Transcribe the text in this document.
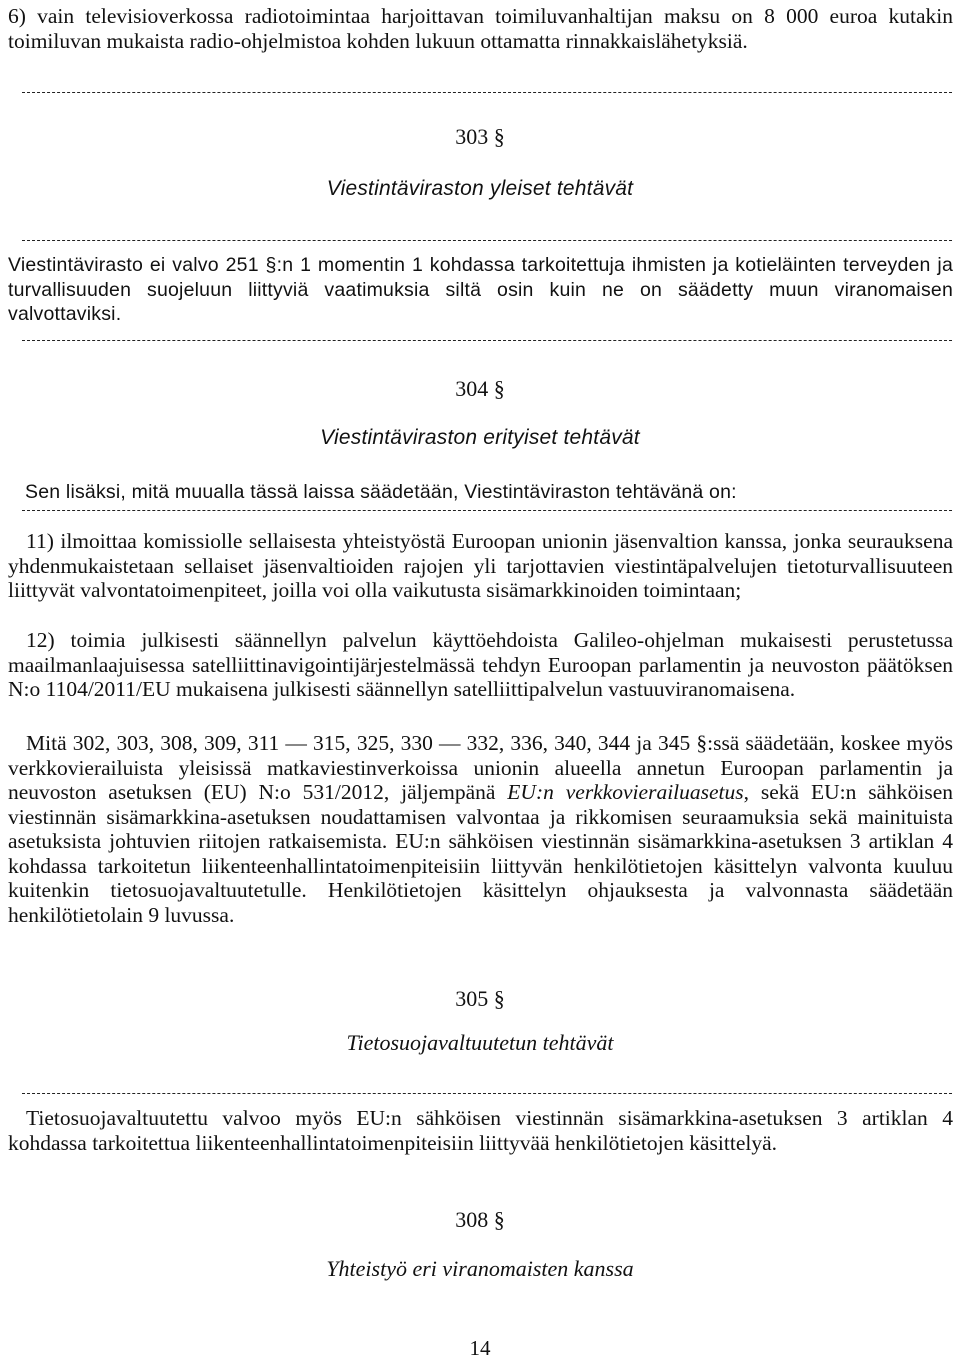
6) vain televisioverkossa radiotoimintaa harjoittavan toimiluvanhaltijan maksu on 8 000 euroa kutakin toimiluvan mukaista radio-ohjelmistoa kohden lukuun ottamatta rinnakkaislähetyksiä.

303 §
Viestintäviraston yleiset tehtävät

Viestintävirasto ei valvo 251 §:n 1 momentin 1 kohdassa tarkoitettuja ihmisten ja kotieläinten terveyden ja turvallisuuden suojeluun liittyviä vaatimuksia siltä osin kuin ne on säädetty muun viranomaisen valvottaviksi.

304 §
Viestintäviraston erityiset tehtävät

Sen lisäksi, mitä muualla tässä laissa säädetään, Viestintäviraston tehtävänä on:

11) ilmoittaa komissiolle sellaisesta yhteistyöstä Euroopan unionin jäsenvaltion kanssa, jonka seurauksena yhdenmukaistetaan sellaiset jäsenvaltioiden rajojen yli tarjottavien viestintäpalvelujen tietoturvallisuuteen liittyvät valvontatoimenpiteet, joilla voi olla vaikutusta sisämarkkinoiden toimintaan;

12) toimia julkisesti säännellyn palvelun käyttöehdoista Galileo-ohjelman mukaisesti perustetussa maailmanlaajuisessa satelliittinavigointijärjestelmässä tehdyn Euroopan parlamentin ja neuvoston päätöksen N:o 1104/2011/EU mukaisena julkisesti säännellyn satelliittipalvelun vastuuviranomaisena.

Mitä 302, 303, 308, 309, 311 — 315, 325, 330 — 332, 336, 340, 344 ja 345 §:ssä säädetään, koskee myös verkkovierailuista yleisissä matkaviestinverkoissa unionin alueella annetun Euroopan parlamentin ja neuvoston asetuksen (EU) N:o 531/2012, jäljempänä EU:n verkkovierailuasetus, sekä EU:n sähköisen viestinnän sisämarkkina-asetuksen noudattamisen valvontaa ja rikkomisen seuraamuksia sekä mainituista asetuksista johtuvien riitojen ratkaisemista. EU:n sähköisen viestinnän sisämarkkina-asetuksen 3 artiklan 4 kohdassa tarkoitetun liikenteenhallintatoimenpiteisiin liittyvän henkilötietojen käsittelyn valvonta kuuluu kuitenkin tietosuojavaltuutetulle. Henkilötietojen käsittelyn ohjauksesta ja valvonnasta säädetään henkilötietolain 9 luvussa.

305 §
Tietosuojavaltuutetun tehtävät

Tietosuojavaltuutettu valvoo myös EU:n sähköisen viestinnän sisämarkkina-asetuksen 3 artiklan 4 kohdassa tarkoitettua liikenteenhallintatoimenpiteisiin liittyvää henkilötietojen käsittelyä.

308 §
Yhteistyö eri viranomaisten kanssa
14
